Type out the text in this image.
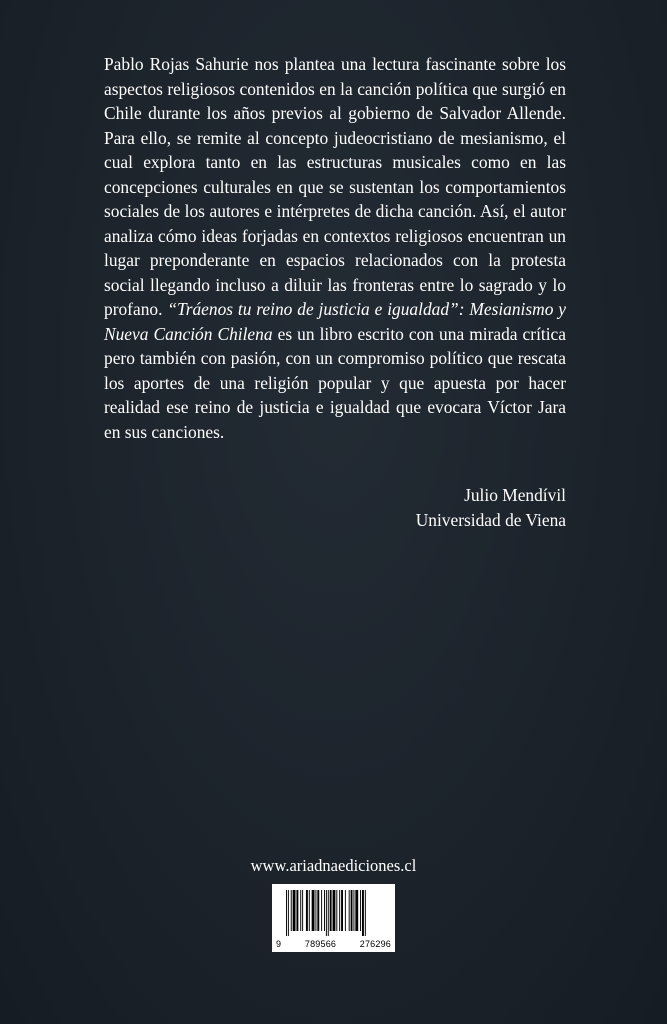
Pablo Rojas Sahurie nos plantea una lectura fascinante sobre los aspectos religiosos contenidos en la canción política que surgió en Chile durante los años previos al gobierno de Salvador Allende. Para ello, se remite al concepto judeocristiano de mesianismo, el cual explora tanto en las estructuras musicales como en las concepciones culturales en que se sustentan los comportamientos sociales de los autores e intérpretes de dicha canción. Así, el autor analiza cómo ideas forjadas en contextos religiosos encuentran un lugar preponderante en espacios relacionados con la protesta social llegando incluso a diluir las fronteras entre lo sagrado y lo profano. “Tráenos tu reino de justicia e igualdad”: Mesianismo y Nueva Canción Chilena es un libro escrito con una mirada crítica pero también con pasión, con un compromiso político que rescata los aportes de una religión popular y que apuesta por hacer realidad ese reino de justicia e igualdad que evocara Víctor Jara en sus canciones.

Julio Mendívil
Universidad de Viena
www.ariadnaediciones.cl
9	789566	276296
